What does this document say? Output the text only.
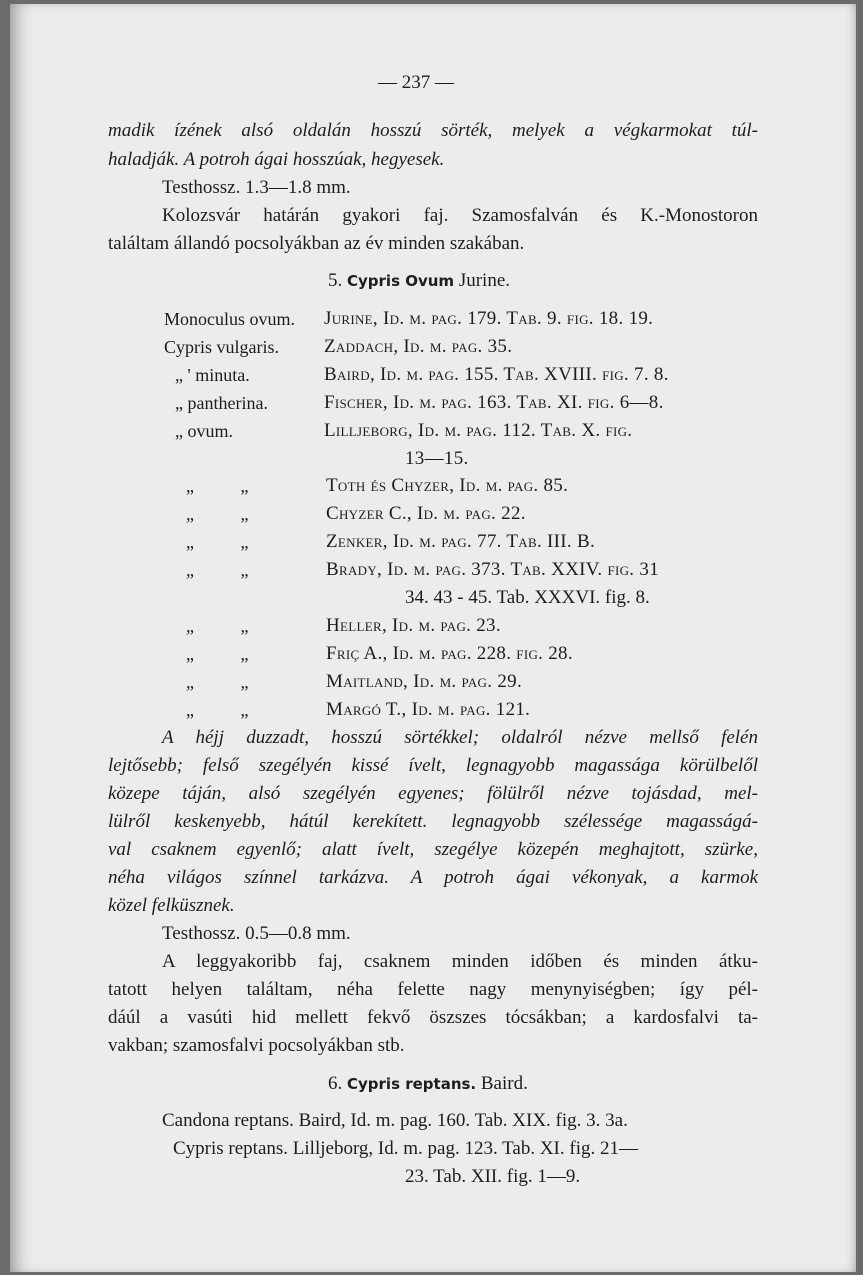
— 237 —
madik ízének alsó oldalán hosszú sörték, melyek a végkarmokat túl-
haladják. A potroh ágai hosszúak, hegyesek.
Testhossz. 1.3—1.8 mm.
Kolozsvár határán gyakori faj. Szamosfalván és K.-Monostoron
találtam állandó pocsolyákban az év minden szakában.
5. Cypris Ovum Jurine.
Monoculus ovum. Jurine, Id. m. pag. 179. Tab. 9. fig. 18. 19.
Cypris vulgaris. Zaddach, Id. m. pag. 35.
„ ' minuta.	Baird, Id. m. pag. 155. Tab. XVIII. fig. 7. 8.
„ pantherina.	Fischer, Id. m. pag. 163. Tab. XI. fig. 6—8.
„ ovum.	Lilljeborg, Id. m. pag. 112. Tab. X. fig.
13—15.
„ „	Toth és Chyzer, Id. m. pag. 85.
„ „	Chyzer C., Id. m. pag. 22.
„ „	Zenker, Id. m. pag. 77. Tab. III. B.
„ „	Brady, Id. m. pag. 373. Tab. XXIV. fig. 31
34. 43 - 45. Tab. XXXVI. fig. 8.
„ „	Heller, Id. m. pag. 23.
„ „	Friç A., Id. m. pag. 228. fig. 28.
„ „	Maitland, Id. m. pag. 29.
„ „	Margó T., Id. m. pag. 121.
A héjj duzzadt, hosszú sörtékkel; oldalról nézve mellső felén
lejtősebb; felső szegélyén kissé ívelt, legnagyobb magassága körülbelől
közepe táján, alsó szegélyén egyenes; fölülről nézve tojásdad, mel-
lülről keskenyebb, hátúl kerekített. legnagyobb szélessége magasságá-
val csaknem egyenlő; alatt ívelt, szegélye közepén meghajtott, szürke,
néha világos színnel tarkázva. A potroh ágai vékonyak, a karmok
közel felküsznek.
Testhossz. 0.5—0.8 mm.
A leggyakoribb faj, csaknem minden időben és minden átku-
tatott helyen találtam, néha felette nagy menynyiségben; így pél-
dáúl a vasúti hid mellett fekvő öszszes tócsákban; a kardosfalvi ta-
vakban; szamosfalvi pocsolyákban stb.
6. Cypris reptans. Baird.
Candona reptans. Baird, Id. m. pag. 160. Tab. XIX. fig. 3. 3a.
Cypris reptans. Lilljeborg, Id. m. pag. 123. Tab. XI. fig. 21—
23. Tab. XII. fig. 1—9.
